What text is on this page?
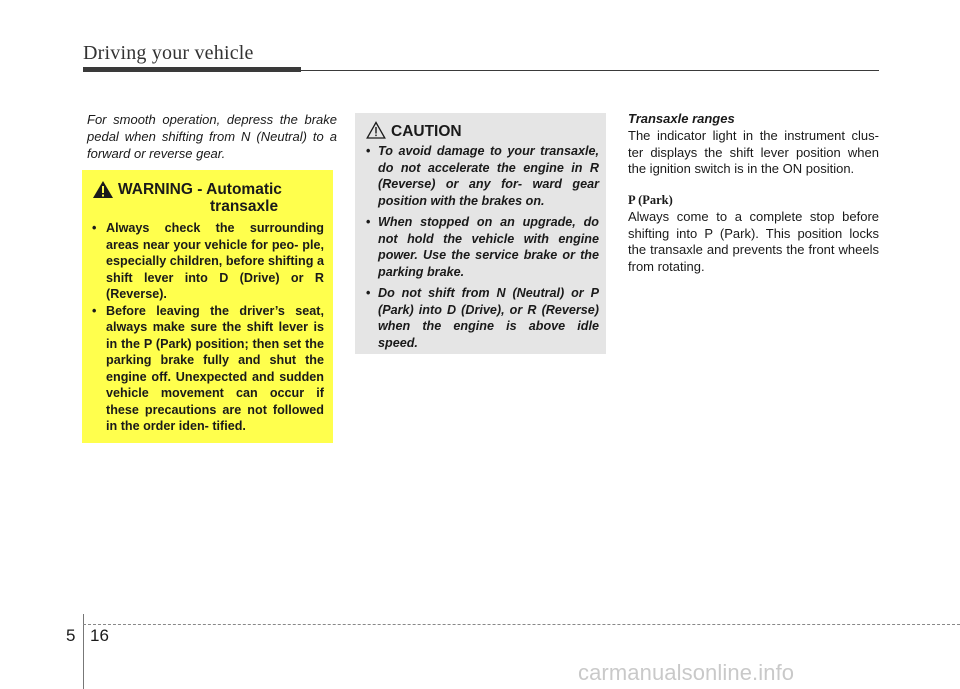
Driving your vehicle
For smooth operation, depress the brake pedal when shifting from N (Neutral) to a forward or reverse gear.
WARNING - Automatic
transaxle
• Always check the surrounding areas near your vehicle for peo- ple, especially children, before shifting a shift lever into D (Drive) or R (Reverse).
• Before leaving the driver’s seat, always make sure the shift lever is in the P (Park) position; then set the parking brake fully and shut the engine off. Unexpected and sudden vehicle movement can occur if these precautions are not followed in the order iden- tified.
CAUTION
• To avoid damage to your transaxle, do not accelerate the engine in R (Reverse) or any for- ward gear position with the brakes on.
• When stopped on an upgrade, do not hold the vehicle with engine power. Use the service brake or the parking brake.
• Do not shift from N (Neutral) or P (Park) into D (Drive), or R (Reverse) when the engine is above idle speed.
Transaxle ranges
The indicator light in the instrument clus- ter displays the shift lever position when the ignition switch is in the ON position.
P (Park)
Always come to a complete stop before shifting into P (Park). This position locks the transaxle and prevents the front wheels from rotating.
5 16
carmanualsonline.info
